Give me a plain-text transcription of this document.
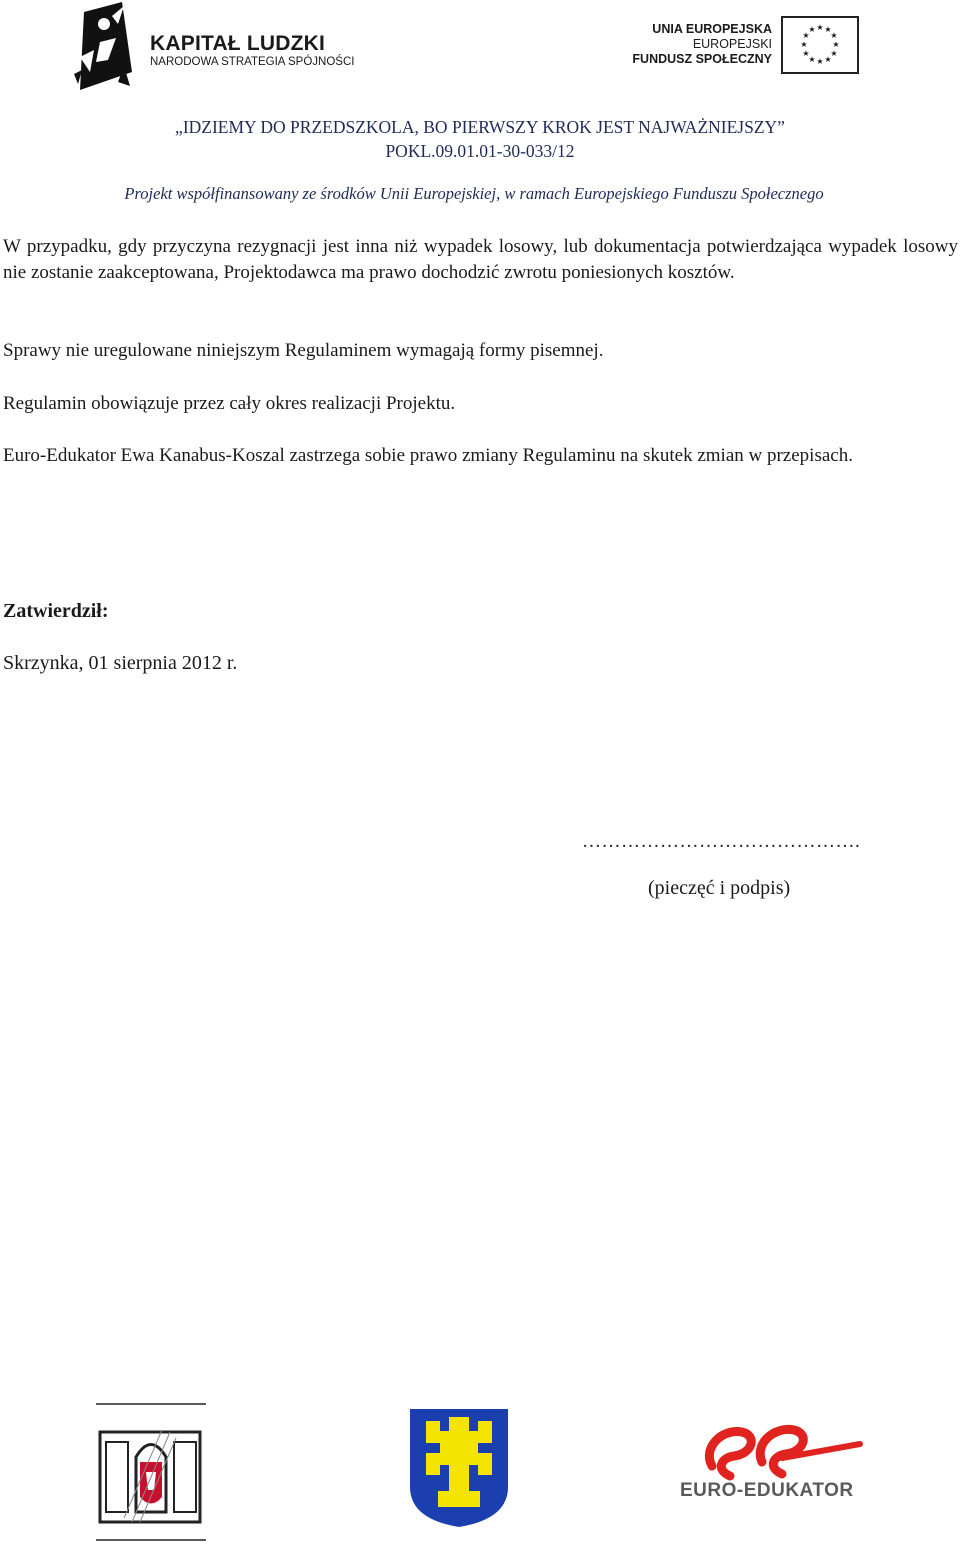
KAPITAŁ LUDZKI
NARODOWA STRATEGIA SPÓJNOŚCI
UNIA EUROPEJSKA
EUROPEJSKI
FUNDUSZ SPOŁECZNY
★ ★
★
★
★
★
★
★
★
★
★
★
„IDZIEMY DO PRZEDSZKOLA, BO PIERWSZY KROK JEST NAJWAŻNIEJSZY”
POKL.09.01.01-30-033/12
Projekt współfinansowany ze środków Unii Europejskiej, w ramach Europejskiego Funduszu Społecznego
W przypadku, gdy przyczyna rezygnacji jest inna niż wypadek losowy, lub dokumentacja potwierdzająca wypadek losowy nie zostanie zaakceptowana, Projektodawca ma prawo dochodzić zwrotu poniesionych kosztów.
Sprawy nie uregulowane niniejszym Regulaminem wymagają formy pisemnej.
Regulamin obowiązuje przez cały okres realizacji Projektu.
Euro-Edukator Ewa Kanabus-Koszal zastrzega sobie prawo zmiany Regulaminu na skutek zmian w przepisach.
Zatwierdził:
Skrzynka, 01 sierpnia 2012 r.
…………………………………….
(pieczęć i podpis)
EURO-EDUKATOR
